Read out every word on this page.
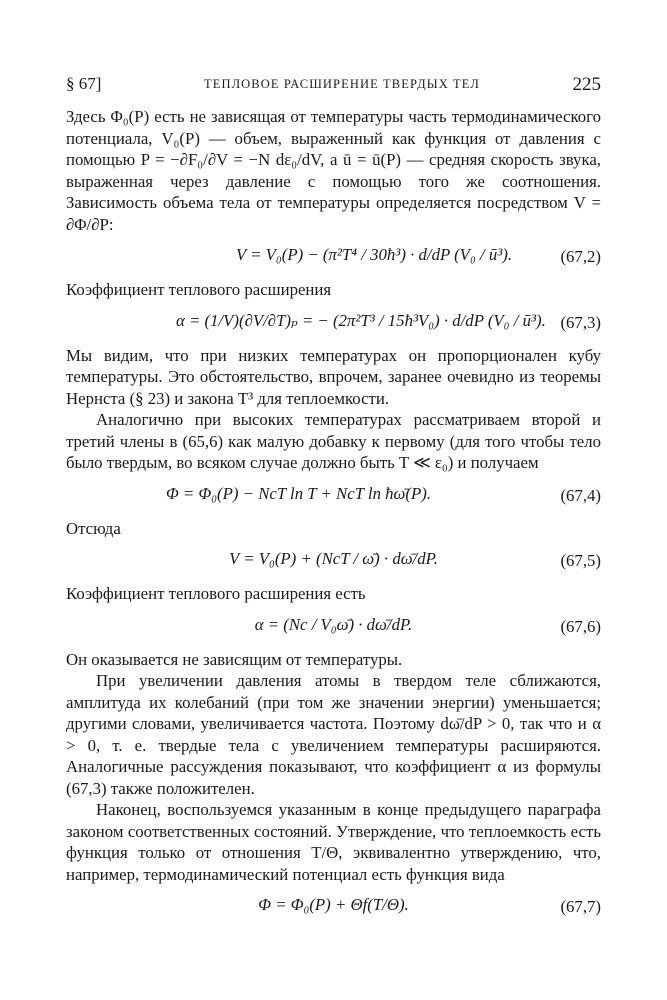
§ 67]	ТЕПЛОВОЕ РАСШИРЕНИЕ ТВЕРДЫХ ТЕЛ	225

Здесь Φ₀(P) есть не зависящая от температуры часть термодинамического потенциала, V₀(P) — объем, выраженный как функция от давления с помощью P = −∂F₀/∂V = −N dε₀/dV, а ū = ū(P) — средняя скорость звука, выраженная через давление с помощью того же соотношения. Зависимость объема тела от температуры определяется посредством V = ∂Φ/∂P:

V = V₀(P) − (π²T⁴ / 30ħ³) · d/dP (V₀ / ū³).	(67,2)

Коэффициент теплового расширения

α = (1/V)(∂V/∂T)ₚ = − (2π²T³ / 15ħ³V₀) · d/dP (V₀ / ū³). (67,3)

Мы видим, что при низких температурах он пропорционален кубу температуры. Это обстоятельство, впрочем, заранее очевидно из теоремы Нернста (§ 23) и закона T³ для теплоемкости.

Аналогично при высоких температурах рассматриваем второй и третий члены в (65,6) как малую добавку к первому (для того чтобы тело было твердым, во всяком случае должно быть T ≪ ε₀) и получаем

Φ = Φ₀(P) − NcT ln T + NcT ln ħω̄(P).	(67,4)

Отсюда

V = V₀(P) + (NcT / ω̄) · dω̄/dP.	(67,5)

Коэффициент теплового расширения есть

α = (Nc / V₀ω̄) · dω̄/dP.	(67,6)

Он оказывается не зависящим от температуры.

При увеличении давления атомы в твердом теле сближаются, амплитуда их колебаний (при том же значении энергии) уменьшается; другими словами, увеличивается частота. Поэтому dω̄/dP > 0, так что и α > 0, т. е. твердые тела с увеличением температуры расширяются. Аналогичные рассуждения показывают, что коэффициент α из формулы (67,3) также положителен.

Наконец, воспользуемся указанным в конце предыдущего параграфа законом соответственных состояний. Утверждение, что теплоемкость есть функция только от отношения T/Θ, эквивалентно утверждению, что, например, термодинамический потенциал есть функция вида

Φ = Φ₀(P) + Θf(T/Θ).	(67,7)
